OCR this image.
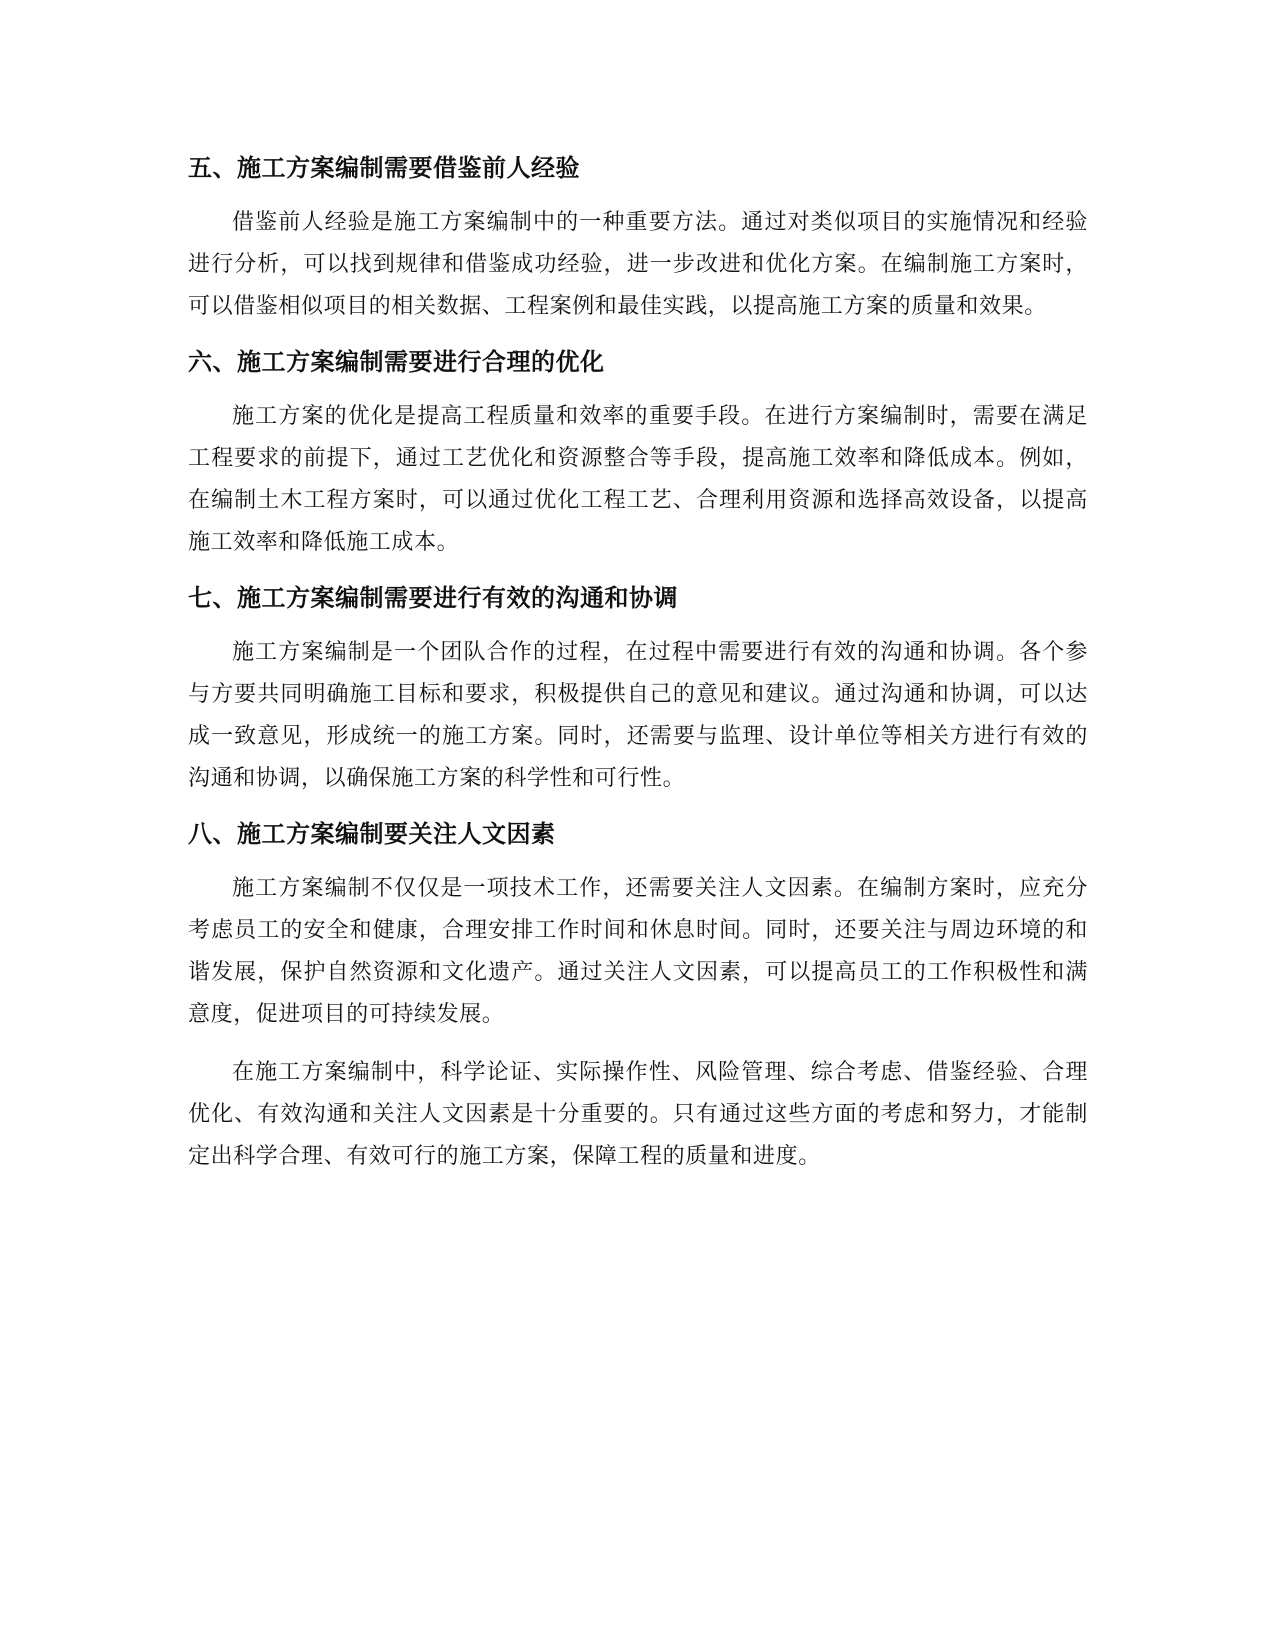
五、施工方案编制需要借鉴前人经验

借鉴前人经验是施工方案编制中的一种重要方法。通过对类似项目的实施情况和经验进行分析，可以找到规律和借鉴成功经验，进一步改进和优化方案。在编制施工方案时，可以借鉴相似项目的相关数据、工程案例和最佳实践，以提高施工方案的质量和效果。

六、施工方案编制需要进行合理的优化

施工方案的优化是提高工程质量和效率的重要手段。在进行方案编制时，需要在满足工程要求的前提下，通过工艺优化和资源整合等手段，提高施工效率和降低成本。例如，在编制土木工程方案时，可以通过优化工程工艺、合理利用资源和选择高效设备，以提高施工效率和降低施工成本。

七、施工方案编制需要进行有效的沟通和协调

施工方案编制是一个团队合作的过程，在过程中需要进行有效的沟通和协调。各个参与方要共同明确施工目标和要求，积极提供自己的意见和建议。通过沟通和协调，可以达成一致意见，形成统一的施工方案。同时，还需要与监理、设计单位等相关方进行有效的沟通和协调，以确保施工方案的科学性和可行性。

八、施工方案编制要关注人文因素

施工方案编制不仅仅是一项技术工作，还需要关注人文因素。在编制方案时，应充分考虑员工的安全和健康，合理安排工作时间和休息时间。同时，还要关注与周边环境的和谐发展，保护自然资源和文化遗产。通过关注人文因素，可以提高员工的工作积极性和满意度，促进项目的可持续发展。

在施工方案编制中，科学论证、实际操作性、风险管理、综合考虑、借鉴经验、合理优化、有效沟通和关注人文因素是十分重要的。只有通过这些方面的考虑和努力，才能制定出科学合理、有效可行的施工方案，保障工程的质量和进度。
